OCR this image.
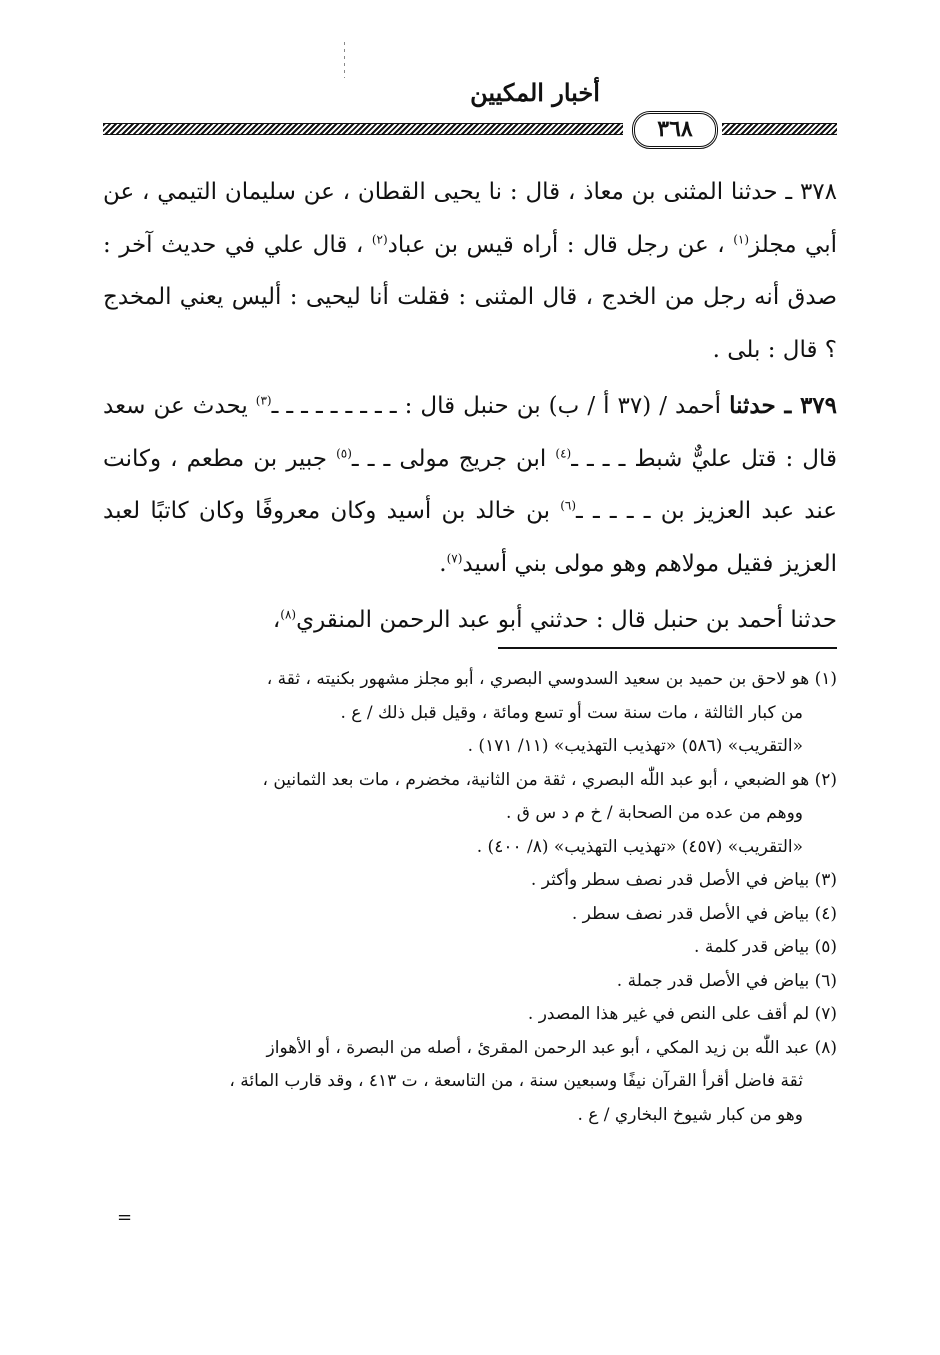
أخبار المكيين
٣٦٨

٣٧٨ ـ حدثنا المثنى بن معاذ ، قال : نا يحيى القطان ، عن سليمان التيمي ، عن أبي مجلز$^{(١)}$ ، عن رجل قال : أراه قيس بن عباد$^{(٢)}$ ، قال علي في حديث آخر : صدق أنه رجل من الخدج ، قال المثنى : فقلت أنا ليحيى : أليس يعني المخدج ؟ قال : بلى .

٣٧٩ ـ حدثنا أحمد / (٣٧ أ / ب) بن حنبل قال : ـ ـ ـ ـ ـ ـ ـ ـ ـ$^{(٣)}$ يحدث عن سعد قال : قتل عليٌّ شبط ـ ـ ـ ـ$^{(٤)}$ ابن جريج مولى ـ ـ ـ$^{(٥)}$ جبير بن مطعم ، وكانت عند عبد العزيز بن ـ ـ ـ ـ ـ$^{(٦)}$ بن خالد بن أسيد وكان معروفًا وكان كاتبًا لعبد العزيز فقيل مولاهم وهو مولى بني أسيد$^{(٧)}$.

حدثنا أحمد بن حنبل قال : حدثني أبو عبد الرحمن المنقري$^{(٨)}$،

(١) هو لاحق بن حميد بن سعيد السدوسي البصري ، أبو مجلز مشهور بكنيته ، ثقة ،
من كبار الثالثة ، مات سنة ست أو تسع ومائة ، وقيل قبل ذلك / ع .
«التقريب» (٥٨٦) «تهذيب التهذيب» (١١/ ١٧١) .
(٢) هو الضبعي ، أبو عبد اللّٰه البصري ، ثقة من الثانية، مخضرم ، مات بعد الثمانين ،
ووهم من عده من الصحابة / خ م د س ق .
«التقريب» (٤٥٧) «تهذيب التهذيب» (٨/ ٤٠٠) .
(٣) بياض في الأصل قدر نصف سطر وأكثر .
(٤) بياض في الأصل قدر نصف سطر .
(٥) بياض قدر كلمة .
(٦) بياض في الأصل قدر جملة .
(٧) لم أقف على النص في غير هذا المصدر .
(٨) عبد اللّٰه بن زيد المكي ، أبو عبد الرحمن المقرئ ، أصله من البصرة ، أو الأهواز
ثقة فاضل أقرأ القرآن نيفًا وسبعين سنة ، من التاسعة ، ت ٤١٣ ، وقد قارب المائة ،
وهو من كبار شيوخ البخاري / ع .
=
